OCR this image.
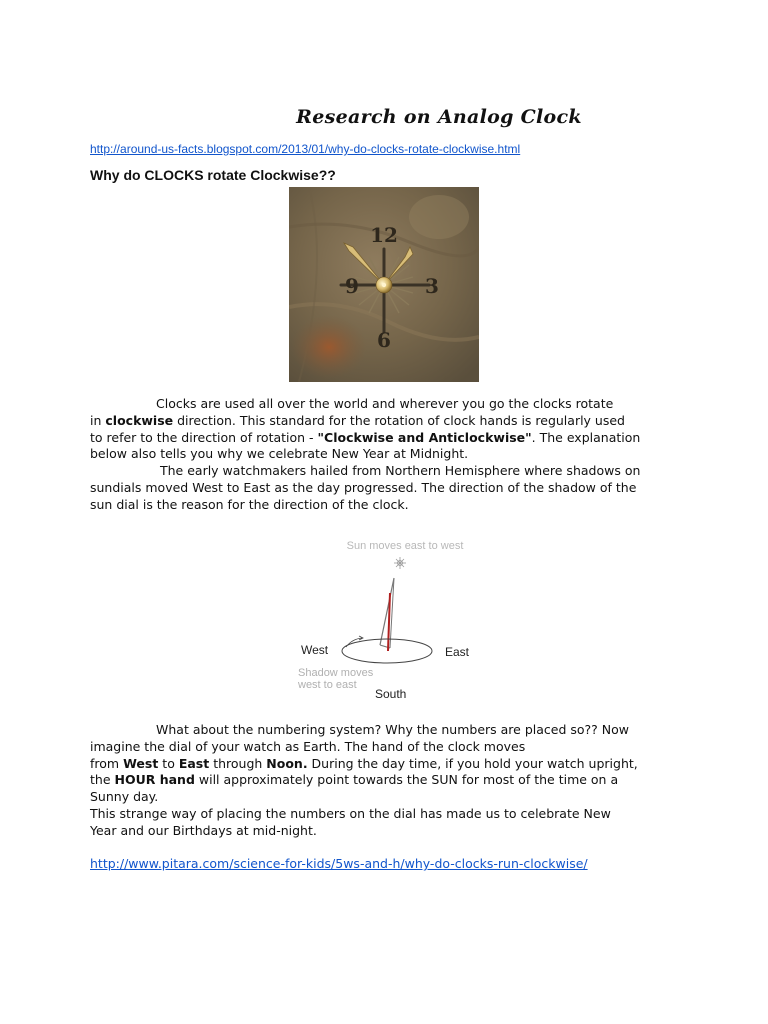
Research on Analog Clock
http://around-us-facts.blogspot.com/2013/01/why-do-clocks-rotate-clockwise.html
Why do CLOCKS rotate Clockwise??
12
3
6
9
Clocks are used all over the world and wherever you go the clocks rotate
in clockwise direction. This standard for the rotation of clock hands is regularly used
to refer to the direction of rotation - "Clockwise and Anticlockwise". The explanation
below also tells you why we celebrate New Year at Midnight.
The early watchmakers hailed from Northern Hemisphere where shadows on
sundials moved West to East as the day progressed. The direction of the shadow of the
sun dial is the reason for the direction of the clock.
Sun moves east to west
West	East
Shadow moves
west to east
South
What about the numbering system? Why the numbers are placed so?? Now
imagine the dial of your watch as Earth. The hand of the clock moves
from West to East through Noon. During the day time, if you hold your watch upright,
the HOUR hand will approximately point towards the SUN for most of the time on a
Sunny day.
This strange way of placing the numbers on the dial has made us to celebrate New
Year and our Birthdays at mid-night.
http://www.pitara.com/science-for-kids/5ws-and-h/why-do-clocks-run-clockwise/
